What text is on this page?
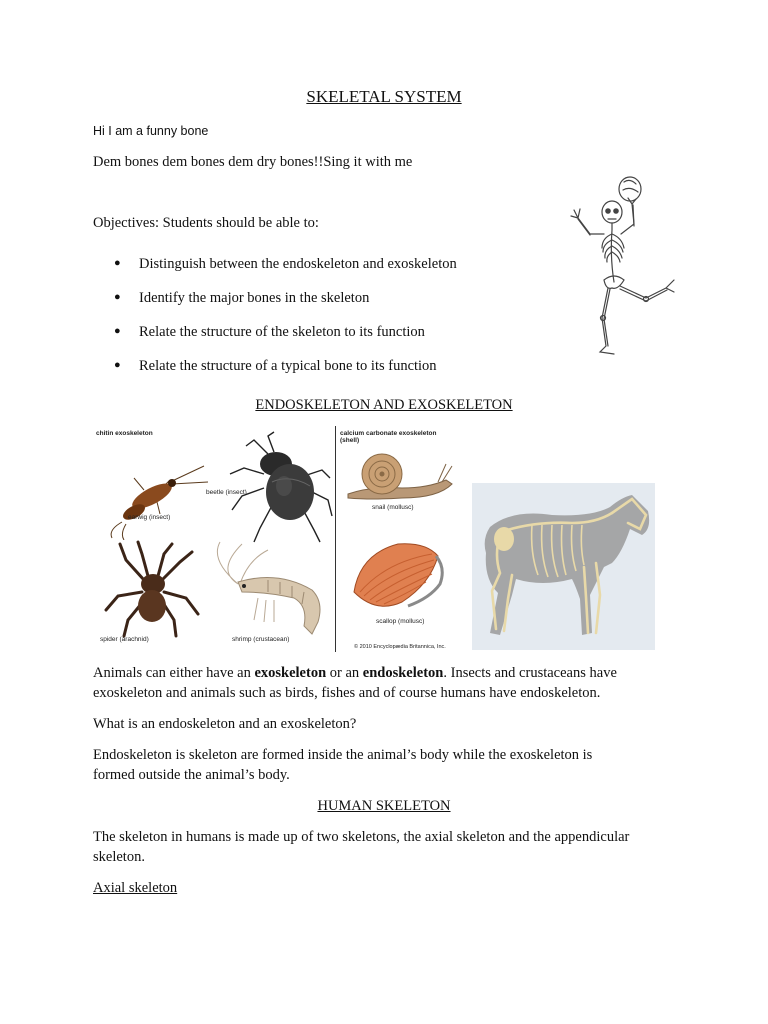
SKELETAL SYSTEM

Hi I am a funny bone

Dem bones dem bones dem dry bones!!Sing it with me

Objectives: Students should be able to:

● Distinguish between the endoskeleton and exoskeleton

● Identify the major bones in the skeleton

● Relate the structure of the skeleton to its function

● Relate the structure of a typical bone to its function

ENDOSKELETON AND EXOSKELETON

chitin exoskeleton	calcium carbonate exoskeleton
(shell)
earwig (insect)
beetle (insect)
spider (arachnid)	shrimp (crustacean)
snail (mollusc)
scallop (mollusc)
© 2010 Encyclopædia Britannica, Inc.

Animals can either have an exoskeleton or an endoskeleton. Insects and crustaceans have

exoskeleton and animals such as birds, fishes and of course humans have endoskeleton.

What is an endoskeleton and an exoskeleton?

Endoskeleton is skeleton are formed inside the animal’s body while the exoskeleton is

formed outside the animal’s body.

HUMAN SKELETON

The skeleton in humans is made up of two skeletons, the axial skeleton and the appendicular

skeleton.

Axial skeleton
